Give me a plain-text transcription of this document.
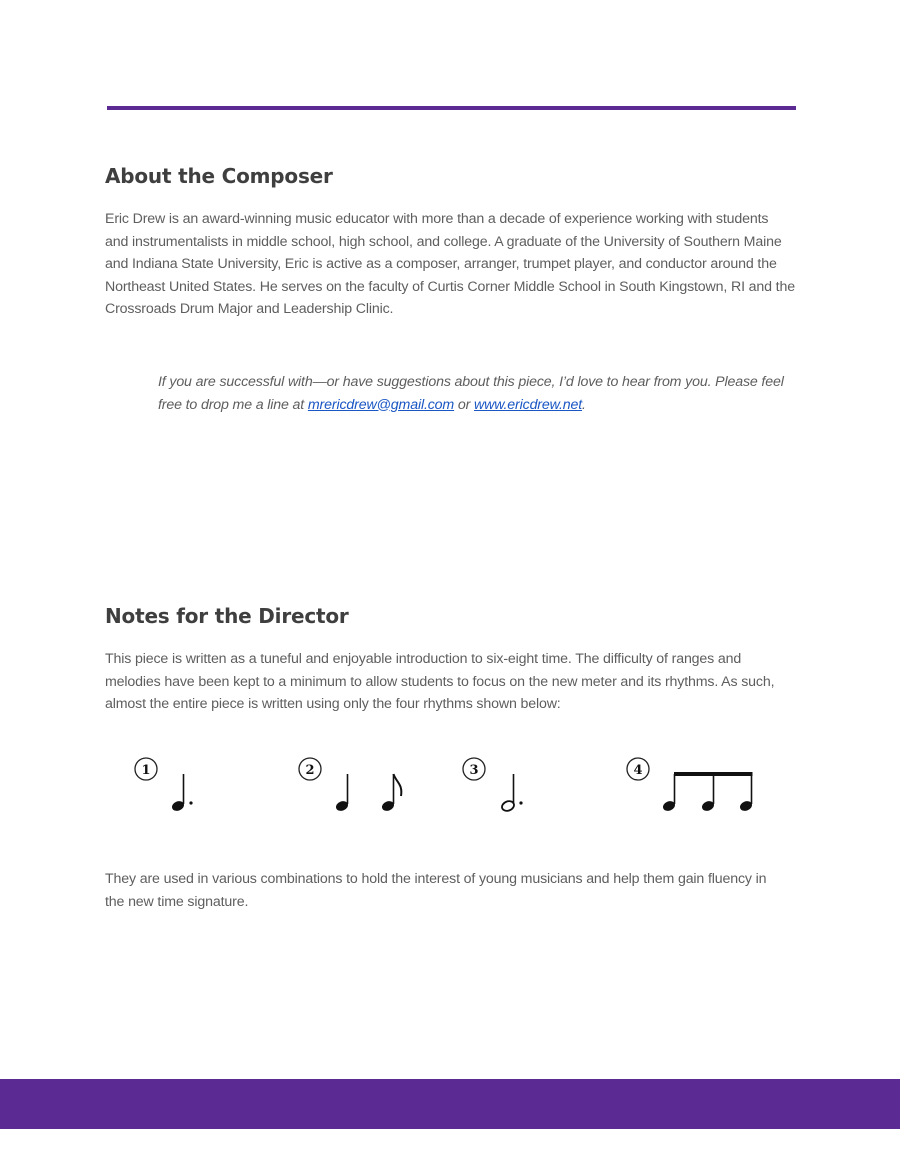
About the Composer

Eric Drew is an award-winning music educator with more than a decade of experience working with students and instrumentalists in middle school, high school, and college. A graduate of the University of Southern Maine and Indiana State University, Eric is active as a composer, arranger, trumpet player, and conductor around the Northeast United States. He serves on the faculty of Curtis Corner Middle School in South Kingstown, RI and the Crossroads Drum Major and Leadership Clinic.

If you are successful with—or have suggestions about this piece, I’d love to hear from you. Please feel free to drop me a line at mrericdrew@gmail.com or www.ericdrew.net.

Notes for the Director

This piece is written as a tuneful and enjoyable introduction to six-eight time. The difficulty of ranges and melodies have been kept to a minimum to allow students to focus on the new meter and its rhythms. As such, almost the entire piece is written using only the four rhythms shown below:

1	2	3	4

They are used in various combinations to hold the interest of young musicians and help them gain fluency in the new time signature.
